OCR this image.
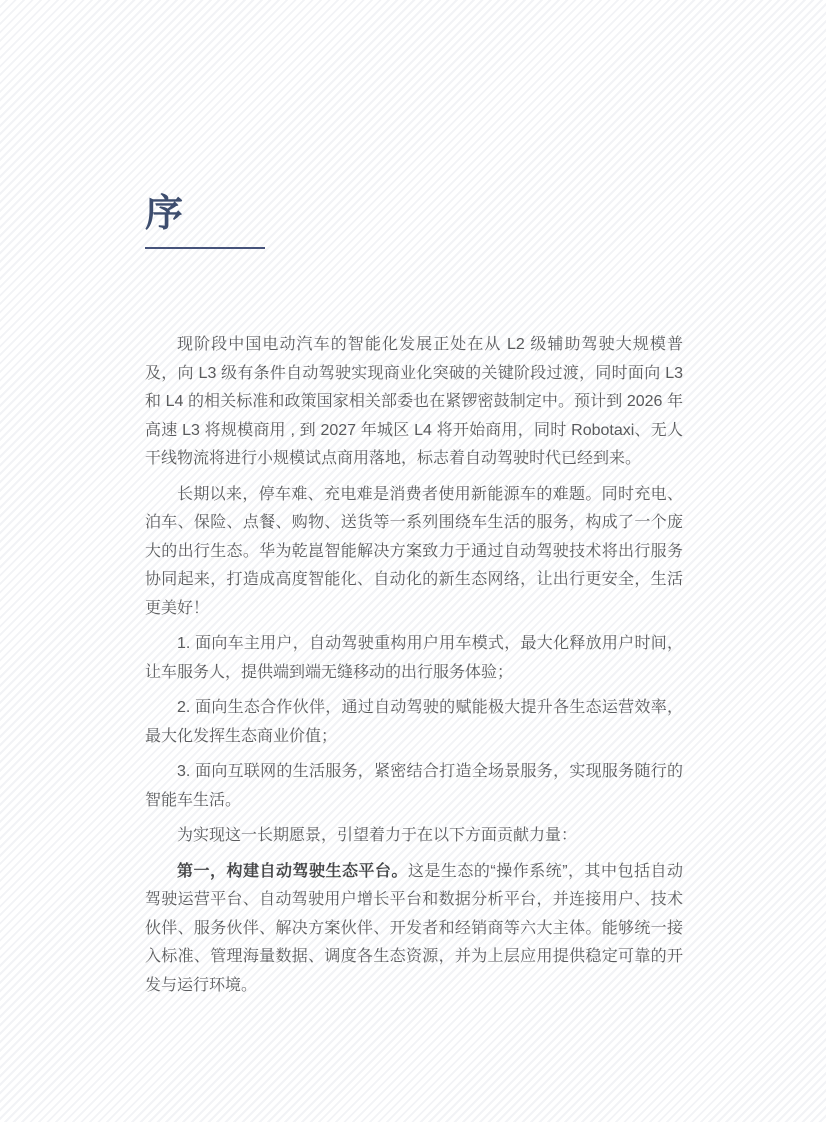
序

现阶段中国电动汽车的智能化发展正处在从 L2 级辅助驾驶大规模普及，向 L3 级有条件自动驾驶实现商业化突破的关键阶段过渡，同时面向 L3 和 L4 的相关标准和政策国家相关部委也在紧锣密鼓制定中。预计到 2026 年高速 L3 将规模商用 , 到 2027 年城区 L4 将开始商用，同时 Robotaxi、无人干线物流将进行小规模试点商用落地，标志着自动驾驶时代已经到来。

长期以来，停车难、充电难是消费者使用新能源车的难题。同时充电、泊车、保险、点餐、购物、送货等一系列围绕车生活的服务，构成了一个庞大的出行生态。华为乾崑智能解决方案致力于通过自动驾驶技术将出行服务协同起来，打造成高度智能化、自动化的新生态网络，让出行更安全，生活更美好！

1. 面向车主用户，自动驾驶重构用户用车模式，最大化释放用户时间，让车服务人，提供端到端无缝移动的出行服务体验；

2. 面向生态合作伙伴，通过自动驾驶的赋能极大提升各生态运营效率，最大化发挥生态商业价值；

3. 面向互联网的生活服务，紧密结合打造全场景服务，实现服务随行的智能车生活。

为实现这一长期愿景，引望着力于在以下方面贡献力量：

第一，构建自动驾驶生态平台。这是生态的“操作系统”，其中包括自动驾驶运营平台、自动驾驶用户增长平台和数据分析平台，并连接用户、技术伙伴、服务伙伴、解决方案伙伴、开发者和经销商等六大主体。能够统一接入标准、管理海量数据、调度各生态资源，并为上层应用提供稳定可靠的开发与运行环境。
